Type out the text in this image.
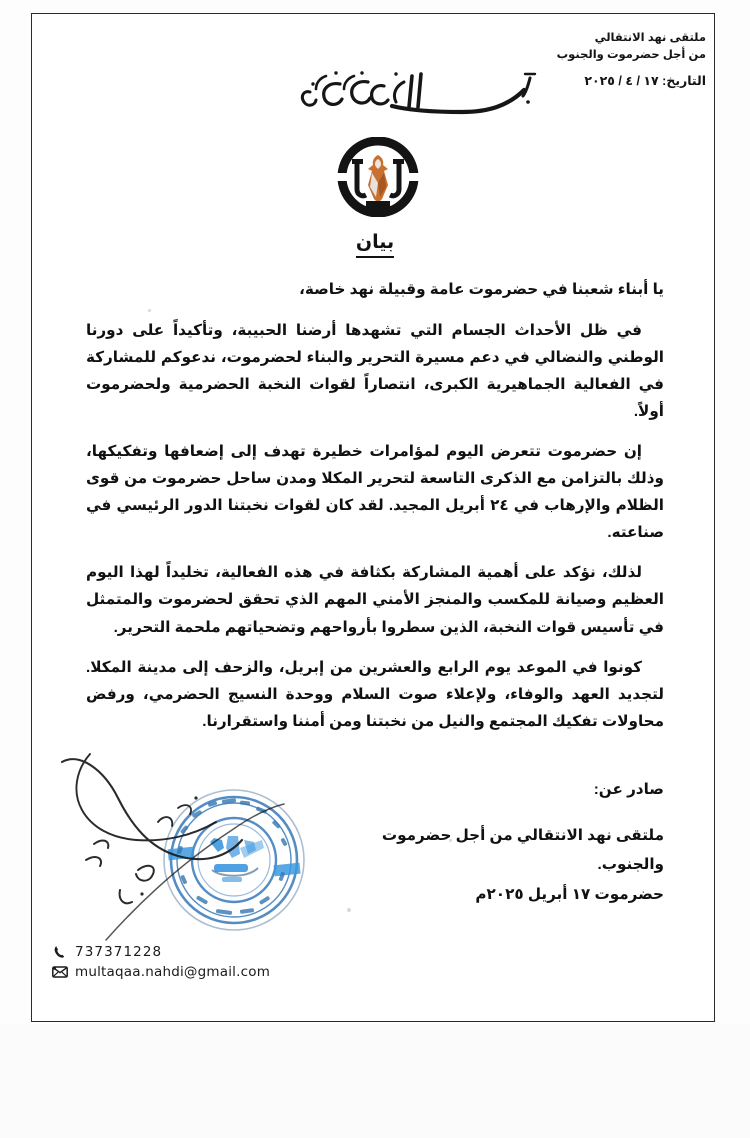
ملتقى نهد الانتقالي
من أجل حضرموت والجنوب
التاريخ: ١٧ / ٤ / ٢٠٢٥
بيان

يا أبناء شعبنا في حضرموت عامة وقبيلة نهد خاصة،

في ظل الأحداث الجسام التي تشهدها أرضنا الحبيبة، وتأكيداً على دورنا الوطني والنضالي في دعم مسيرة التحرير والبناء لحضرموت، ندعوكم للمشاركة في الفعالية الجماهيرية الكبرى، انتصاراً لقوات النخبة الحضرمية ولحضرموت أولاً.

إن حضرموت تتعرض اليوم لمؤامرات خطيرة تهدف إلى إضعافها وتفكيكها، وذلك بالتزامن مع الذكرى التاسعة لتحرير المكلا ومدن ساحل حضرموت من قوى الظلام والإرهاب في ٢٤ أبريل المجيد. لقد كان لقوات نخبتنا الدور الرئيسي في صناعته.

لذلك، نؤكد على أهمية المشاركة بكثافة في هذه الفعالية، تخليداً لهذا اليوم العظيم وصيانة للمكسب والمنجز الأمني المهم الذي تحقق لحضرموت والمتمثل في تأسيس قوات النخبة، الذين سطروا بأرواحهم وتضحياتهم ملحمة التحرير.

كونوا في الموعد يوم الرابع والعشرين من إبريل، والزحف إلى مدينة المكلا. لتجديد العهد والوفاء، ولإعلاء صوت السلام ووحدة النسيج الحضرمي، ورفض محاولات تفكيك المجتمع والنيل من نخبتنا ومن أمننا واستقرارنا.

صادر عن:
ملتقى نهد الانتقالي من أجل حضرموت والجنوب.
حضرموت ١٧ أبريل ٢٠٢٥م
737371228
multaqaa.nahdi@gmail.com
